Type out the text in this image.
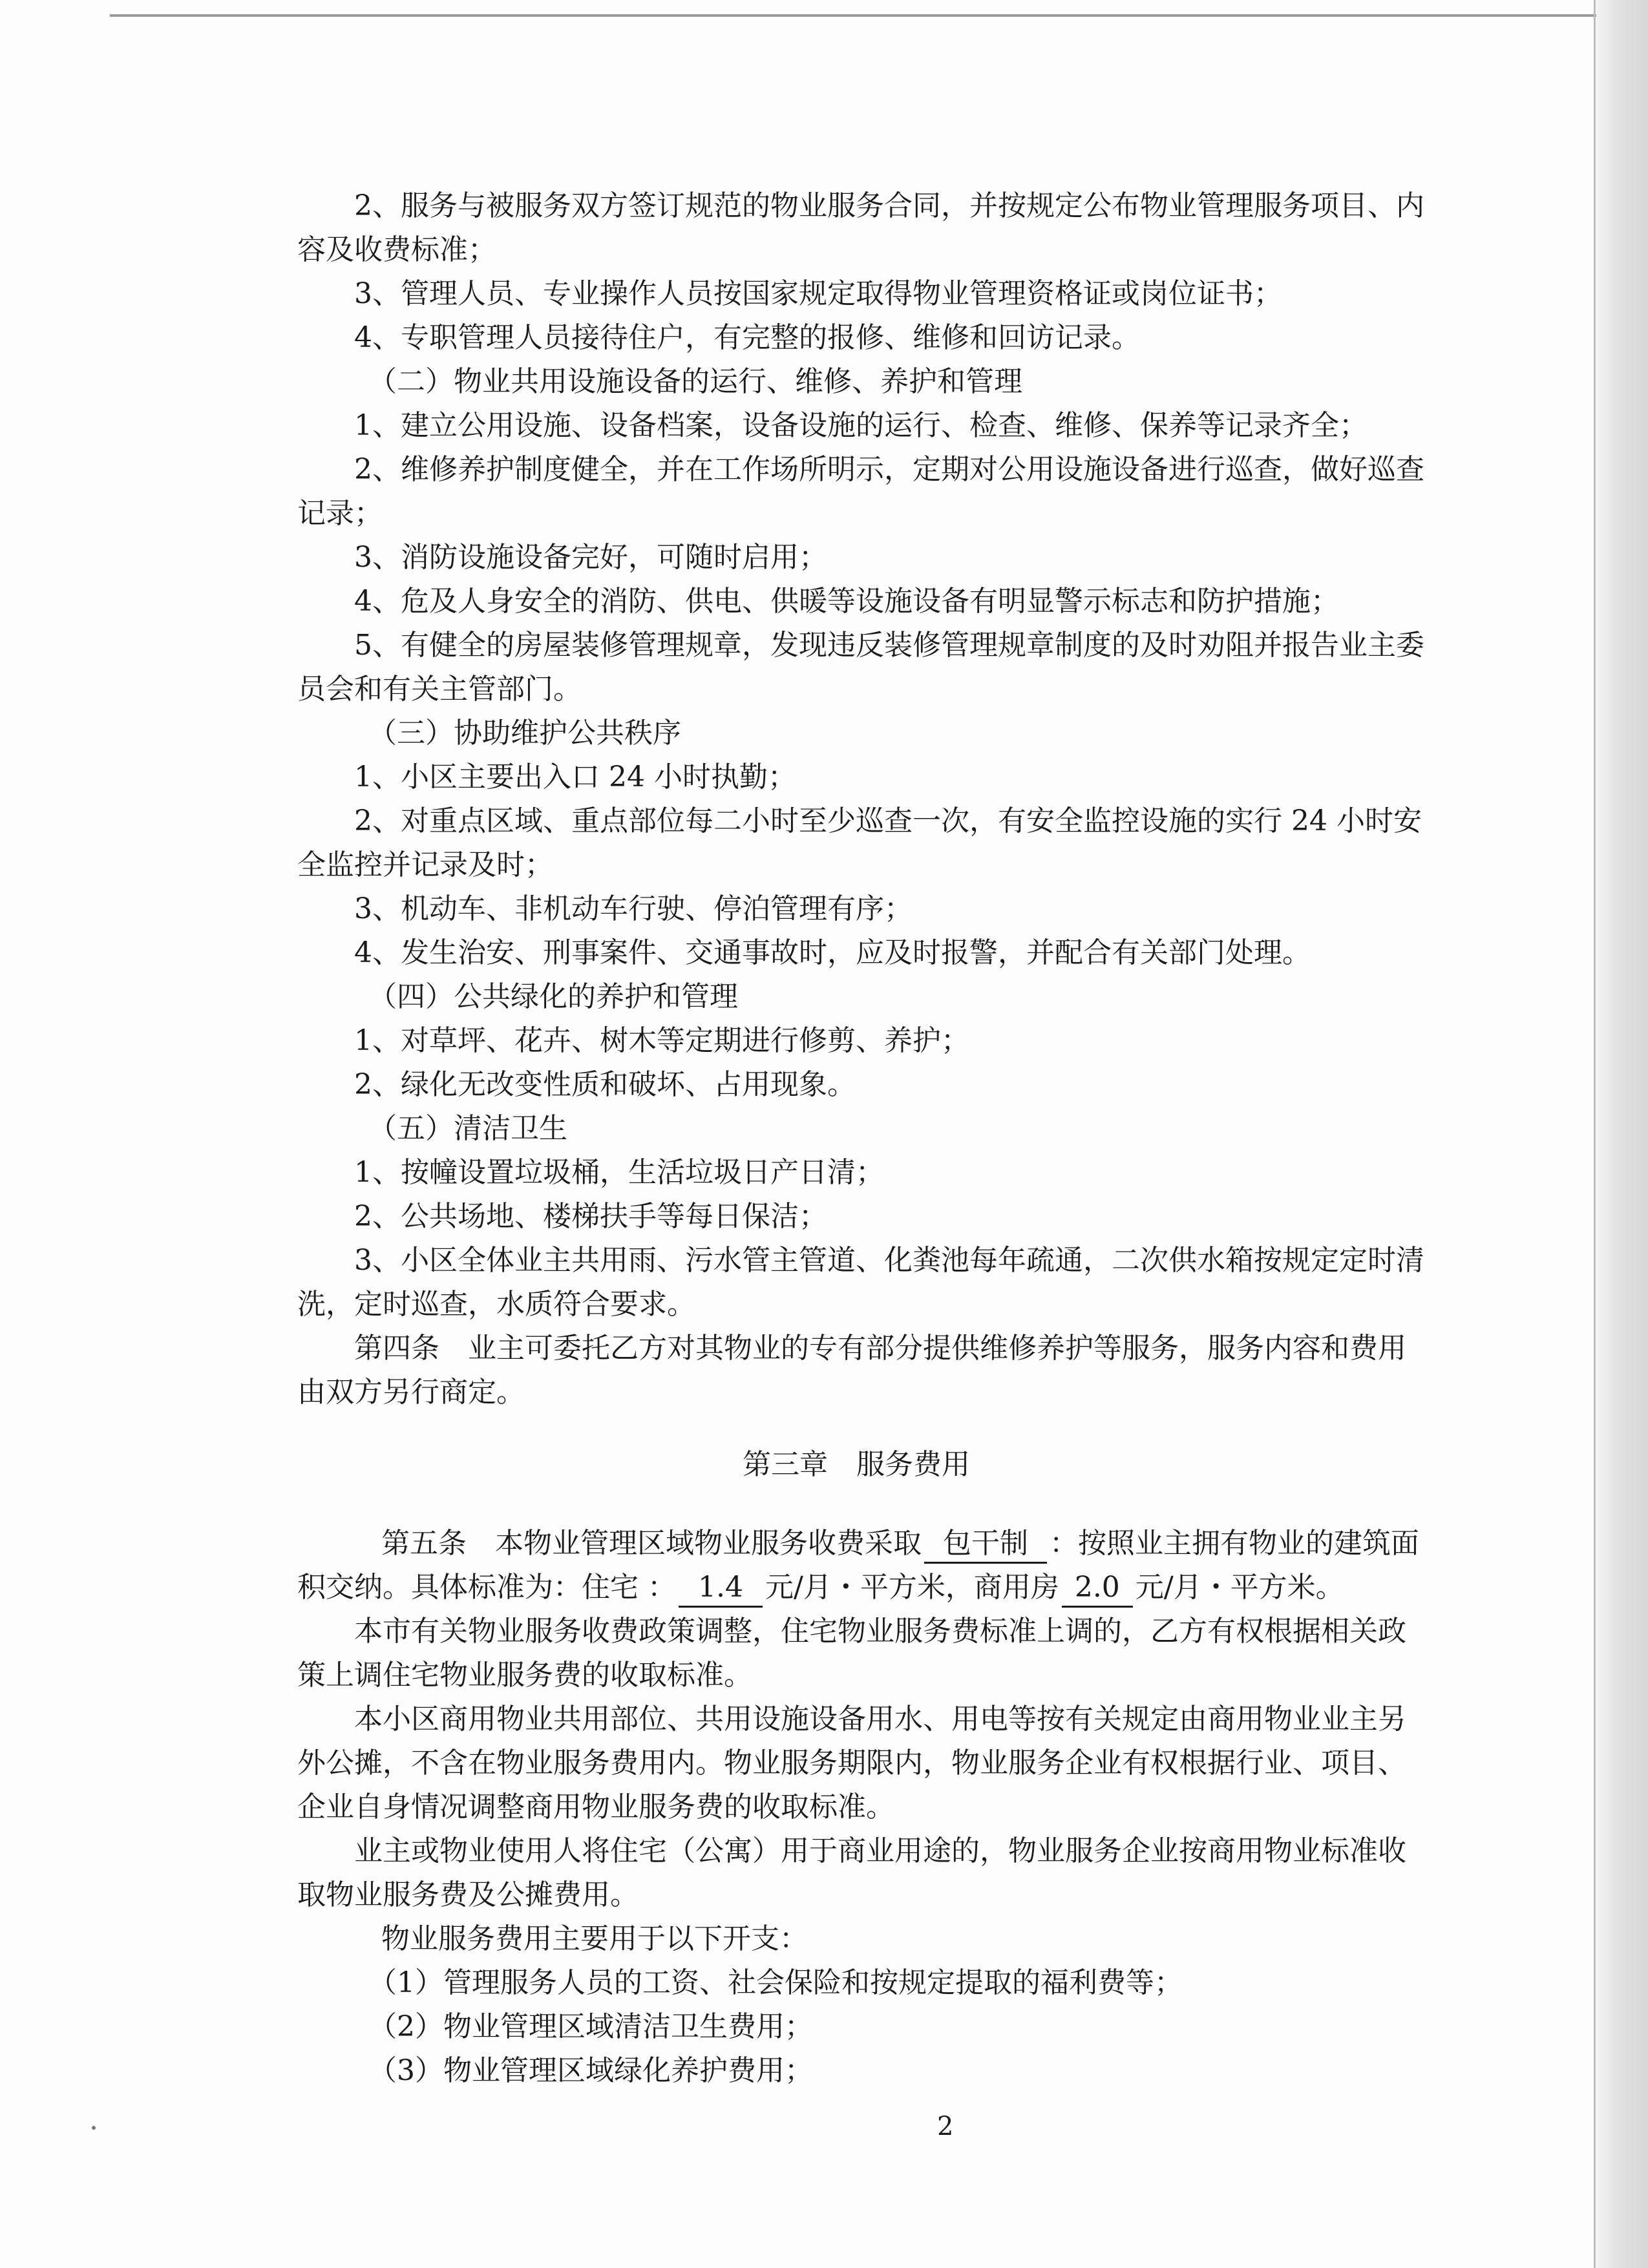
2、服务与被服务双方签订规范的物业服务合同，并按规定公布物业管理服务项目、内
容及收费标准；
3、管理人员、专业操作人员按国家规定取得物业管理资格证或岗位证书；
4、专职管理人员接待住户，有完整的报修、维修和回访记录。
（二）物业共用设施设备的运行、维修、养护和管理
1、建立公用设施、设备档案，设备设施的运行、检查、维修、保养等记录齐全；
2、维修养护制度健全，并在工作场所明示，定期对公用设施设备进行巡查，做好巡查
记录；
3、消防设施设备完好，可随时启用；
4、危及人身安全的消防、供电、供暖等设施设备有明显警示标志和防护措施；
5、有健全的房屋装修管理规章，发现违反装修管理规章制度的及时劝阻并报告业主委
员会和有关主管部门。
（三）协助维护公共秩序
1、小区主要出入口 24 小时执勤；
2、对重点区域、重点部位每二小时至少巡查一次，有安全监控设施的实行 24 小时安
全监控并记录及时；
3、机动车、非机动车行驶、停泊管理有序；
4、发生治安、刑事案件、交通事故时，应及时报警，并配合有关部门处理。
（四）公共绿化的养护和管理
1、对草坪、花卉、树木等定期进行修剪、养护；
2、绿化无改变性质和破坏、占用现象。
（五）清洁卫生
1、按幢设置垃圾桶，生活垃圾日产日清；
2、公共场地、楼梯扶手等每日保洁；
3、小区全体业主共用雨、污水管主管道、化粪池每年疏通，二次供水箱按规定定时清
洗，定时巡查，水质符合要求。
第四条　业主可委托乙方对其物业的专有部分提供维修养护等服务，服务内容和费用
由双方另行商定。
第三章　服务费用
第五条　本物业管理区域物业服务收费采取 包干制 ：按照业主拥有物业的建筑面
积交纳。具体标准为：住宅 ： 1.4 元/月・平方米，商用房 2.0 元/月・平方米。
本市有关物业服务收费政策调整，住宅物业服务费标准上调的，乙方有权根据相关政
策上调住宅物业服务费的收取标准。
本小区商用物业共用部位、共用设施设备用水、用电等按有关规定由商用物业业主另
外公摊，不含在物业服务费用内。物业服务期限内，物业服务企业有权根据行业、项目、
企业自身情况调整商用物业服务费的收取标准。
业主或物业使用人将住宅（公寓）用于商业用途的，物业服务企业按商用物业标准收
取物业服务费及公摊费用。
物业服务费用主要用于以下开支：
（1）管理服务人员的工资、社会保险和按规定提取的福利费等；
（2）物业管理区域清洁卫生费用；
（3）物业管理区域绿化养护费用；
2
